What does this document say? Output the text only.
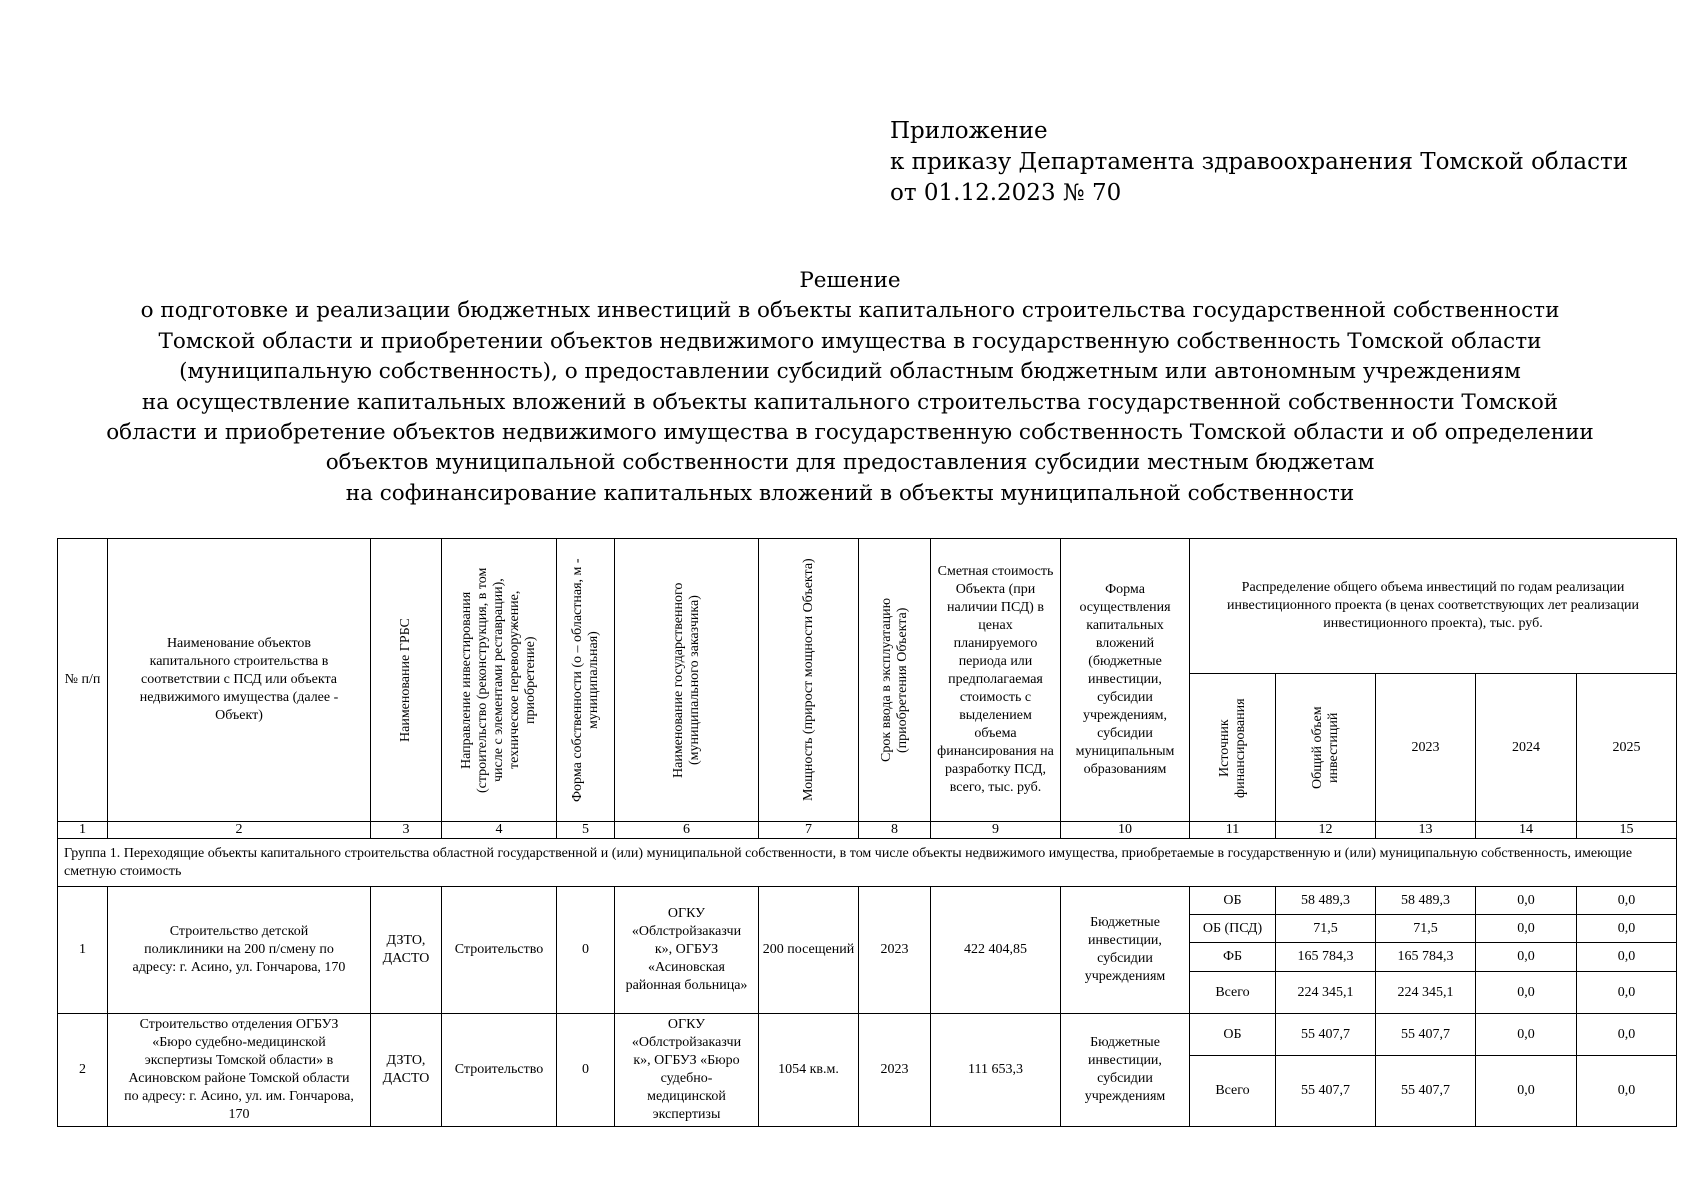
Приложение
к приказу Департамента здравоохранения Томской области
от 01.12.2023 № 70
Решение
о подготовке и реализации бюджетных инвестиций в объекты капитального строительства государственной собственности
Томской области и приобретении объектов недвижимого имущества в государственную собственность Томской области
(муниципальную собственность), о предоставлении субсидий областным бюджетным или автономным учреждениям
на осуществление капитальных вложений в объекты капитального строительства государственной собственности Томской
области и приобретение объектов недвижимого имущества в государственную собственность Томской области и об определении
объектов муниципальной собственности для предоставления субсидии местным бюджетам
на софинансирование капитальных вложений в объекты муниципальной собственности
№ п/п	Наименование объектов капитального строительства в соответствии с ПСД или объекта недвижимого имущества (далее - Объект)	Наименование ГРБС	Направление инвестирования (строительство (реконструкция, в том числе с элементами реставрации), техническое перевооружение, приобретение)	Форма собственности (о – областная, м - муниципальная)	Наименование государственного (муниципального заказчика)	Мощность (прирост мощности Объекта)	Срок ввода в эксплуатацию (приобретения Объекта)	Сметная стоимость Объекта (при наличии ПСД) в ценах планируемого периода или предполагаемая стоимость с выделением объема финансирования на разработку ПСД, всего, тыс. руб.	Форма осуществления капитальных вложений (бюджетные инвестиции, субсидии учреждениям, субсидии муниципальным образованиям	Распределение общего объема инвестиций по годам реализации инвестиционного проекта (в ценах соответствующих лет реализации инвестиционного проекта), тыс. руб.				

										Источник финансирования	Общий объем инвестиций	2023	2024	2025
1	2	3	4	5	6	7	8	9	10	11	12	13	14	15
Группа 1. Переходящие объекты капитального строительства областной государственной и (или) муниципальной собственности, в том числе объекты недвижимого имущества, приобретаемые в государственную и (или) муниципальную собственность, имеющие сметную стоимость														
1	Строительство детской поликлиники на 200 п/смену по адресу: г. Асино, ул. Гончарова, 170	ДЗТО, ДАСТО	Строительство	0	ОГКУ «Облстройзаказчи к», ОГБУЗ «Асиновская районная больница»	200 посещений	2023	422 404,85	Бюджетные инвестиции, субсидии учреждениям	ОБ	58 489,3	58 489,3	0,0	0,0
										ОБ (ПСД)	71,5	71,5	0,0	0,0
										ФБ	165 784,3	165 784,3	0,0	0,0
										Всего	224 345,1	224 345,1	0,0	0,0
2	Строительство отделения ОГБУЗ «Бюро судебно-медицинской экспертизы Томской области» в Асиновском районе Томской области по адресу: г. Асино, ул. им. Гончарова, 170	ДЗТО, ДАСТО	Строительство	0	ОГКУ «Облстройзаказчи к», ОГБУЗ «Бюро судебно-медицинской экспертизы	1054 кв.м.	2023	111 653,3	Бюджетные инвестиции, субсидии учреждениям	ОБ	55 407,7	55 407,7	0,0	0,0
										Всего	55 407,7	55 407,7	0,0	0,0
